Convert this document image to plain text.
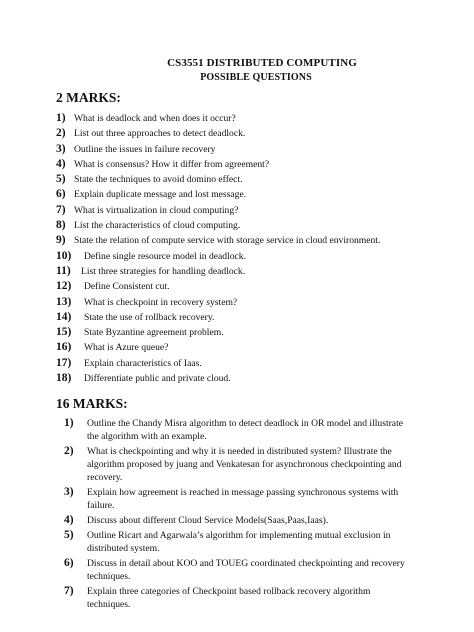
CS3551 DISTRIBUTED COMPUTING
POSSIBLE QUESTIONS
2 MARKS:
1) What is deadlock and when does it occur?
2) List out three approaches to detect deadlock.
3) Outline the issues in failure recovery
4) What is consensus? How it differ from agreement?
5) State the techniques to avoid domino effect.
6) Explain duplicate message and lost message.
7) What is virtualization in cloud computing?
8) List the characteristics of cloud computing.
9) State the relation of compute service with storage service in cloud environment.
10) Define single resource model in deadlock.
11) List three strategies for handling deadlock.
12) Define Consistent cut.
13) What is checkpoint in recovery system?
14) State the use of rollback recovery.
15) State Byzantine agreement problem.
16) What is Azure queue?
17) Explain characteristics of Iaas.
18) Differentiate public and private cloud.
16 MARKS:
1) Outline the Chandy Misra algorithm to detect deadlock in OR model and illustrate the algorithm with an example.
2) What is checkpointing and why it is needed in distributed system? Illustrate the algorithm proposed by juang and Venkatesan for asynchronous checkpointing and recovery.
3) Explain how agreement is reached in message passing synchronous systems with failure.
4) Discuss about different Cloud Service Models(Saas,Paas,Iaas).
5) Outline Ricart and Agarwala’s algorithm for implementing mutual exclusion in distributed system.
6) Discuss in detail about KOO and TOUEG coordinated checkpointing and recovery techniques.
7) Explain three categories of Checkpoint based rollback recovery algorithm techniques.
